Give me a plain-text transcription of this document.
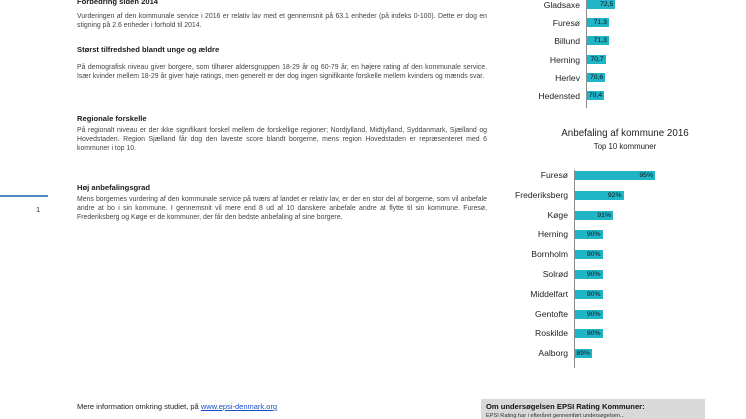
Forbedring siden 2014

Vurderingen af den kommunale service i 2016 er relativ lav med et gennemsnit på 63.1 enheder (på indeks 0-100). Dette er dog en stigning på 2.6 enheder i forhold til 2014.

Størst tilfredshed blandt unge og ældre

På demografisk niveau giver borgere, som tilhører aldersgruppen 18-29 år og 60-79 år, en højere rating af den kommunale service. Især kvinder mellem 18-29 år giver høje ratings, men generelt er der dog ingen signifikante forskelle mellem kvinders og mænds svar.

Regionale forskelle

På regionalt niveau er der ikke signifikant forskel mellem de forskellige regioner; Nordjylland, Midtjylland, Syddanmark, Sjælland og Hovedstaden. Region Sjælland får dog den laveste score blandt borgerne, mens region Hovedstaden er repræsenteret med 6 kommuner i top 10.

Høj anbefalingsgrad

Mens borgernes vurdering af den kommunale service på tværs af landet er relativ lav, er der en stor del af borgerne, som vil anbefale andre at bo i sin kommune. I gennemsnit vil mere end 8 ud af 10 danskere anbefale andre at flytte til sin kommune. Furesø, Frederiksberg og Køge er de kommuner, der får den bedste anbefaling af sine borgere.

1
Gladsaxe	72,5
Furesø	71,3
Billund	71,3
Herning	70,7
Herlev	70,6
Hedensted 70,4
Anbefaling af kommune 2016
Top 10 kommuner
Furesø	95%
Frederiksberg	92%
Køge	91%
Herning	90%
Bornholm	90%
Solrød	90%
Middelfart	90%
Gentofte	90%
Roskilde	90%
Aalborg 89%
Mere information omkring studiet, på www.epsi-denmark.org	Om undersøgelsen EPSI Rating Kommuner:
EPSI Rating har i efteråret gennemført undersøgelsen...
